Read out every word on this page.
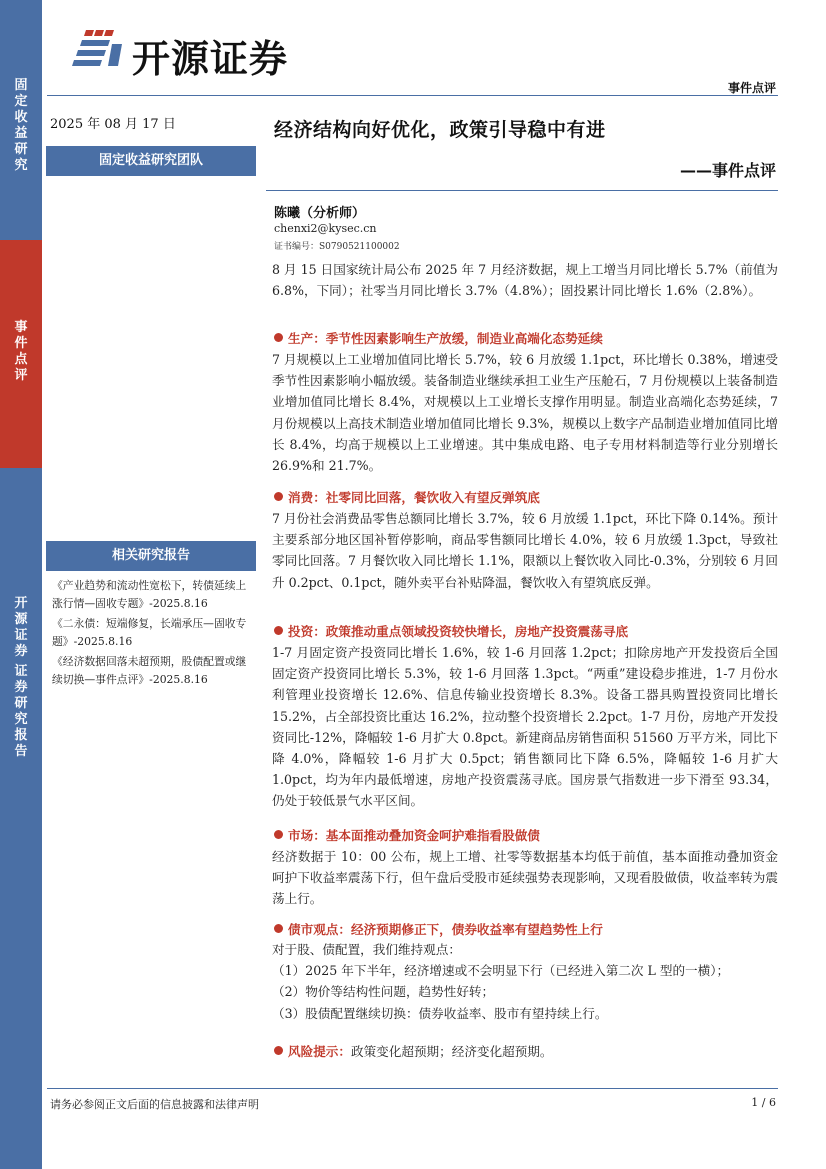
固
定
收
益
研
究
事
件
点
评
开
源
证
券
证
券
研
究
报
告
开源证券
事件点评
2025 年 08 月 17 日
固定收益研究团队
经济结构向好优化，政策引导稳中有进
——事件点评
陈曦（分析师）
chenxi2@kysec.cn
证书编号：S0790521100002

8 月 15 日国家统计局公布 2025 年 7 月经济数据，规上工增当月同比增长 5.7%（前值为 6.8%，下同）；社零当月同比增长 3.7%（4.8%）；固投累计同比增长 1.6%（2.8%）。

生产：季节性因素影响生产放缓，制造业高端化态势延续

7 月规模以上工业增加值同比增长 5.7%，较 6 月放缓 1.1pct，环比增长 0.38%，增速受季节性因素影响小幅放缓。装备制造业继续承担工业生产压舱石，7 月份规模以上装备制造业增加值同比增长 8.4%，对规模以上工业增长支撑作用明显。制造业高端化态势延续，7 月份规模以上高技术制造业增加值同比增长 9.3%，规模以上数字产品制造业增加值同比增长 8.4%，均高于规模以上工业增速。其中集成电路、电子专用材料制造等行业分别增长 26.9%和 21.7%。

消费：社零同比回落，餐饮收入有望反弹筑底

7 月份社会消费品零售总额同比增长 3.7%，较 6 月放缓 1.1pct，环比下降 0.14%。预计主要系部分地区国补暂停影响，商品零售额同比增长 4.0%，较 6 月放缓 1.3pct，导致社零同比回落。7 月餐饮收入同比增长 1.1%，限额以上餐饮收入同比-0.3%，分别较 6 月回升 0.2pct、0.1pct，随外卖平台补贴降温，餐饮收入有望筑底反弹。

投资：政策推动重点领域投资较快增长，房地产投资震荡寻底

1-7 月固定资产投资同比增长 1.6%，较 1-6 月回落 1.2pct；扣除房地产开发投资后全国固定资产投资同比增长 5.3%，较 1-6 月回落 1.3pct。“两重”建设稳步推进，1-7 月份水利管理业投资增长 12.6%、信息传输业投资增长 8.3%。设备工器具购置投资同比增长 15.2%，占全部投资比重达 16.2%，拉动整个投资增长 2.2pct。1-7 月份，房地产开发投资同比-12%，降幅较 1-6 月扩大 0.8pct。新建商品房销售面积 51560 万平方米，同比下降 4.0%，降幅较 1-6 月扩大 0.5pct；销售额同比下降 6.5%，降幅较 1-6 月扩大 1.0pct，均为年内最低增速，房地产投资震荡寻底。国房景气指数进一步下滑至 93.34，仍处于较低景气水平区间。

市场：基本面推动叠加资金呵护难指看股做债

经济数据于 10：00 公布，规上工增、社零等数据基本均低于前值，基本面推动叠加资金呵护下收益率震荡下行，但午盘后受股市延续强势表现影响，又现看股做债，收益率转为震荡上行。

债市观点：经济预期修正下，债券收益率有望趋势性上行

对于股、债配置，我们维持观点：

（1）2025 年下半年，经济增速或不会明显下行（已经进入第二次 L 型的一横）；

（2）物价等结构性问题，趋势性好转；

（3）股债配置继续切换：债券收益率、股市有望持续上行。

风险提示：政策变化超预期；经济变化超预期。
相关研究报告
《产业趋势和流动性宽松下，转债延续上涨行情—固收专题》-2025.8.16
《二永债：短端修复，长端承压—固收专题》-2025.8.16
《经济数据回落未超预期，股债配置或继续切换—事件点评》-2025.8.16
请务必参阅正文后面的信息披露和法律声明	1 / 6
